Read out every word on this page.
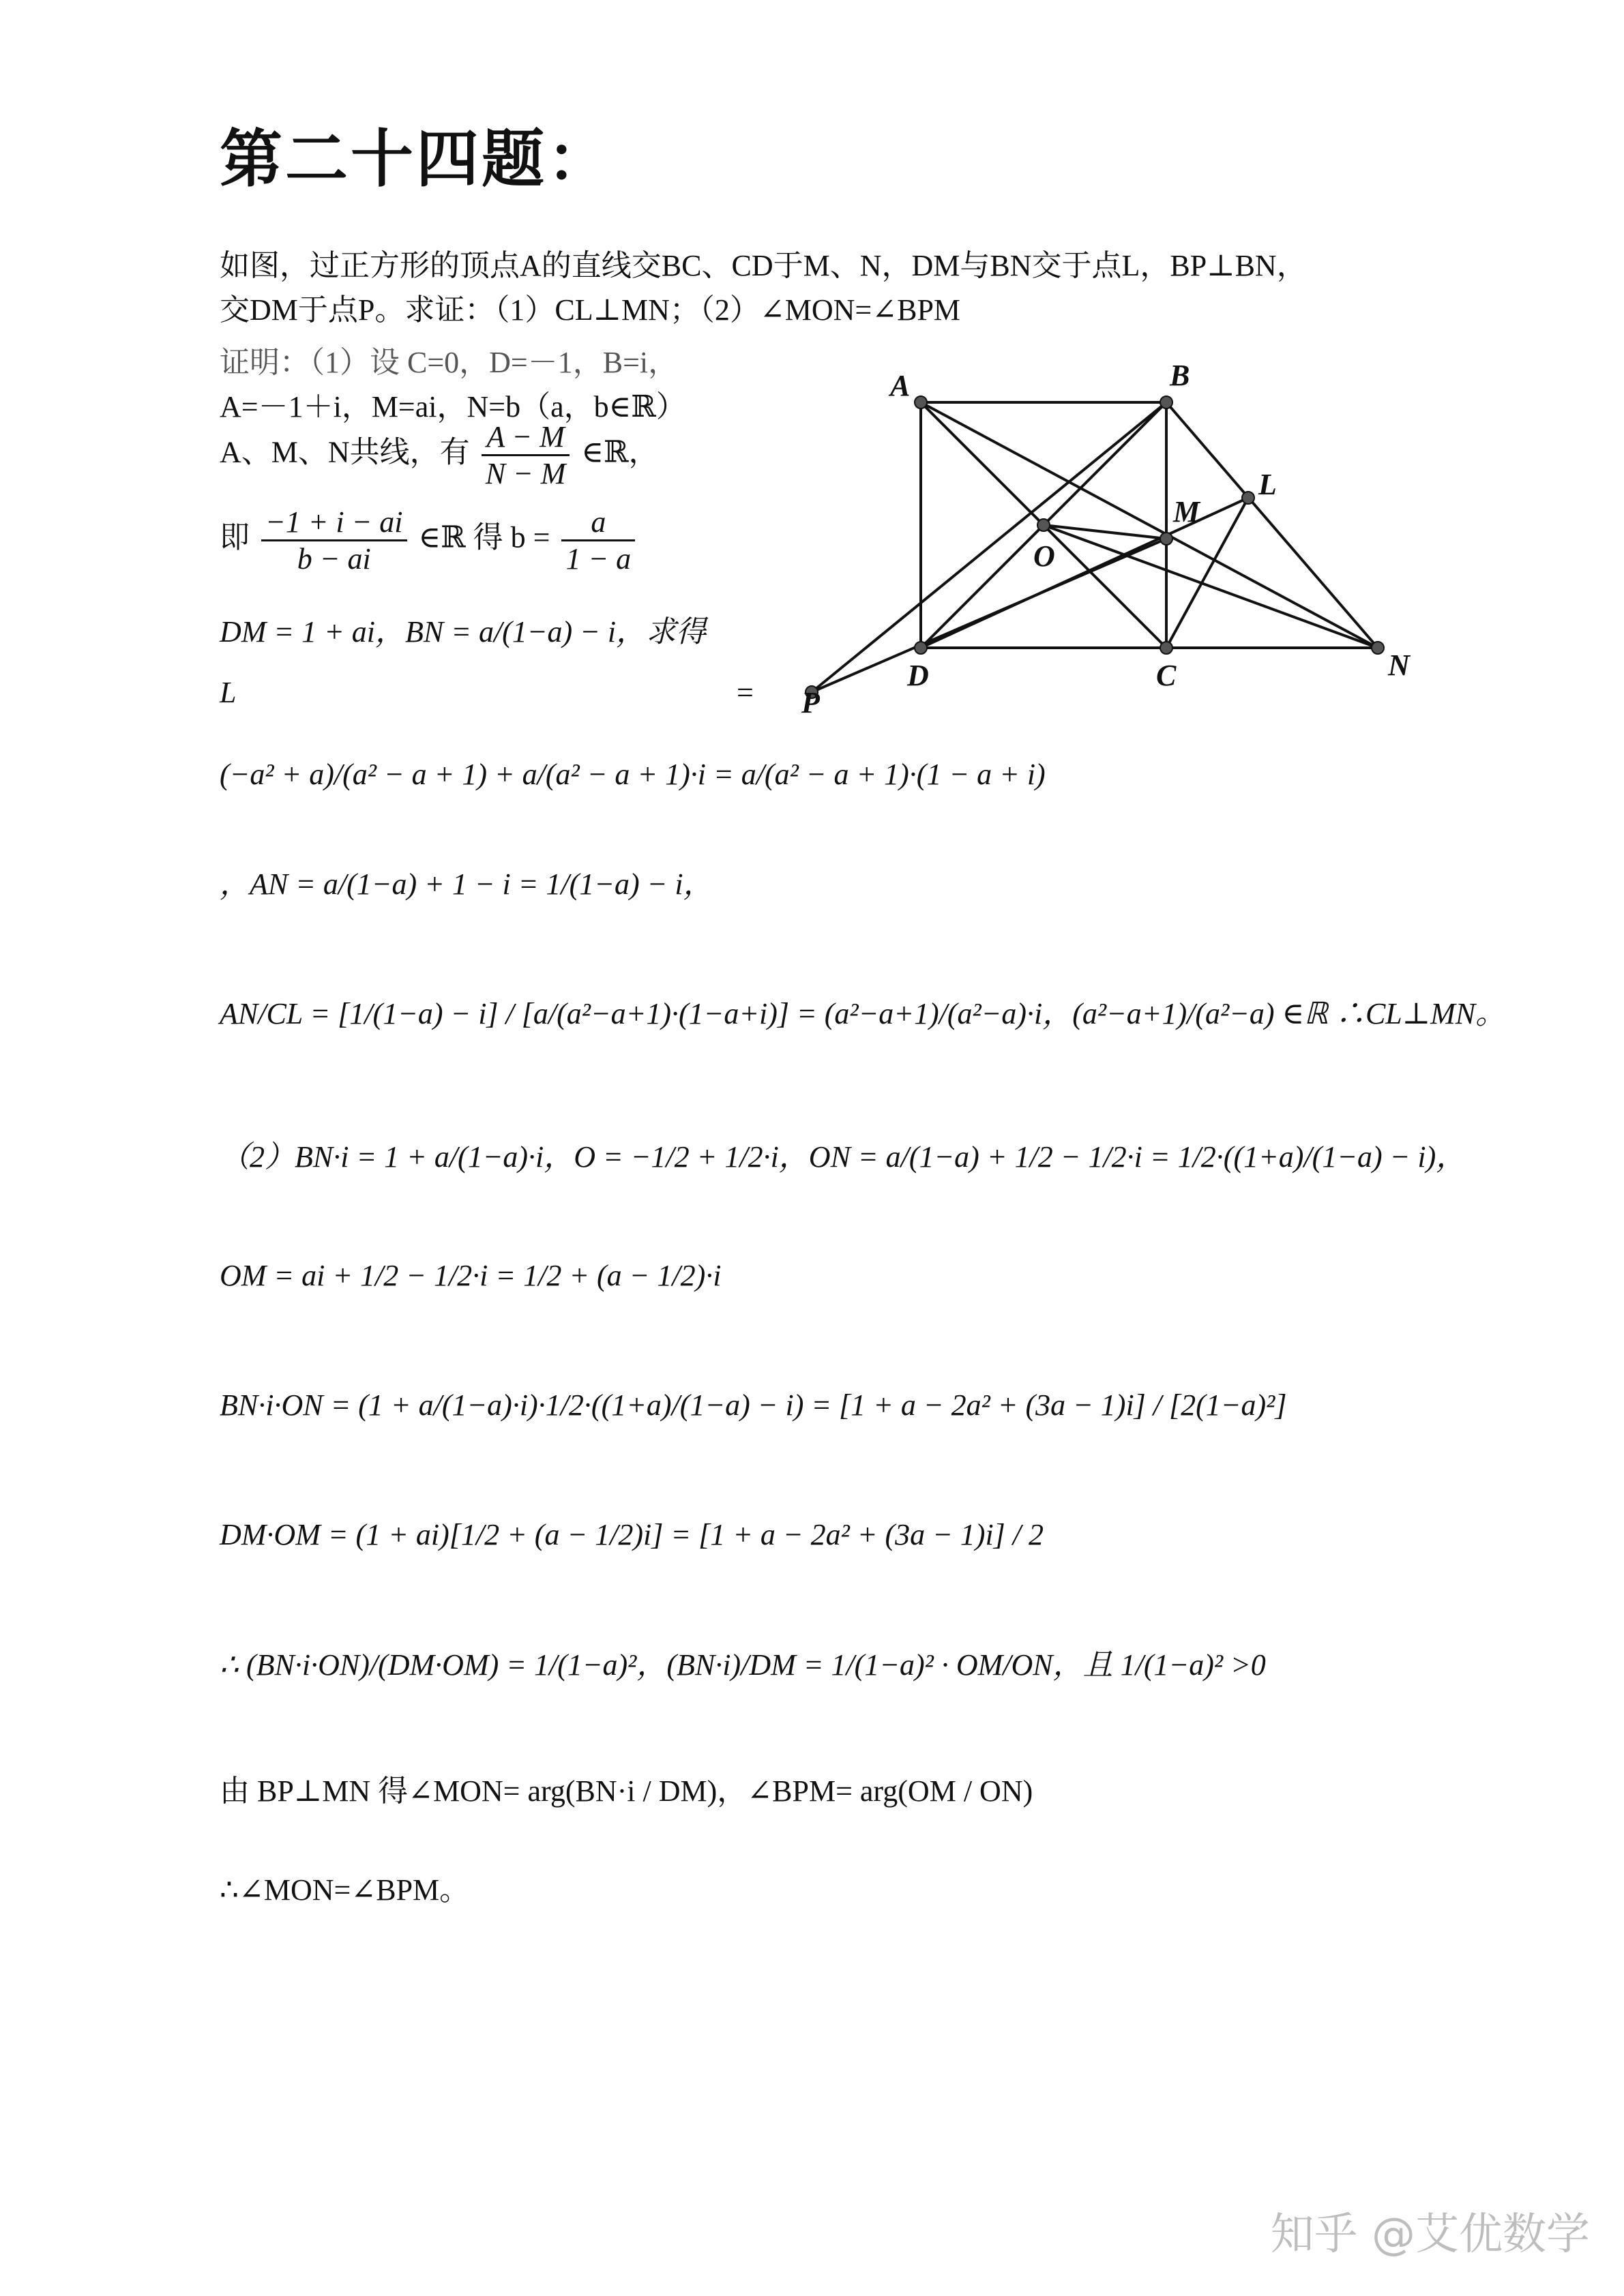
第二十四题：
如图，过正方形的顶点A的直线交BC、CD于M、N，DM与BN交于点L，BP⊥BN，
交DM于点P。求证：（1）CL⊥MN；（2）∠MON=∠BPM
证明：（1）设 C=0，D=－1，B=i，
A=－1＋i，M=ai，N=b（a，b∈ℝ）
A、M、N共线，有 $\frac{A - M}{N - M}$ ∈ℝ，
即 $\frac{-1 + i - ai}{b - ai}$ ∈ℝ 得 $b = \frac{a}{1 - a}$
DM = 1 + ai，BN = a/(1−a) − i，求得
L	=
(−a² + a)/(a² − a + 1) + a/(a² − a + 1)·i = a/(a² − a + 1)·(1 − a + i)
，AN = a/(1−a) + 1 − i = 1/(1−a) − i，
AN/CL = [1/(1−a) − i] / [a/(a²−a+1)·(1−a+i)] = (a²−a+1)/(a²−a)·i，(a²−a+1)/(a²−a) ∈ℝ ∴CL⊥MN。
（2）BN·i = 1 + a/(1−a)·i，O = −1/2 + 1/2·i，ON = a/(1−a) + 1/2 − 1/2·i = 1/2·((1+a)/(1−a) − i)，
OM = ai + 1/2 − 1/2·i = 1/2 + (a − 1/2)·i
BN·i·ON = (1 + a/(1−a)·i)·1/2·((1+a)/(1−a) − i) = [1 + a − 2a² + (3a − 1)i] / [2(1−a)²]
DM·OM = (1 + ai)[1/2 + (a − 1/2)i] = [1 + a − 2a² + (3a − 1)i] / 2
∴ (BN·i·ON)/(DM·OM) = 1/(1−a)²，(BN·i)/DM = 1/(1−a)² · OM/ON，且 1/(1−a)² >0
由 BP⊥MN 得∠MON= arg(BN·i / DM)，∠BPM= arg(OM / ON)
∴∠MON=∠BPM。
A	B
C
D
L
M
N
O
P
知乎 @艾优数学
